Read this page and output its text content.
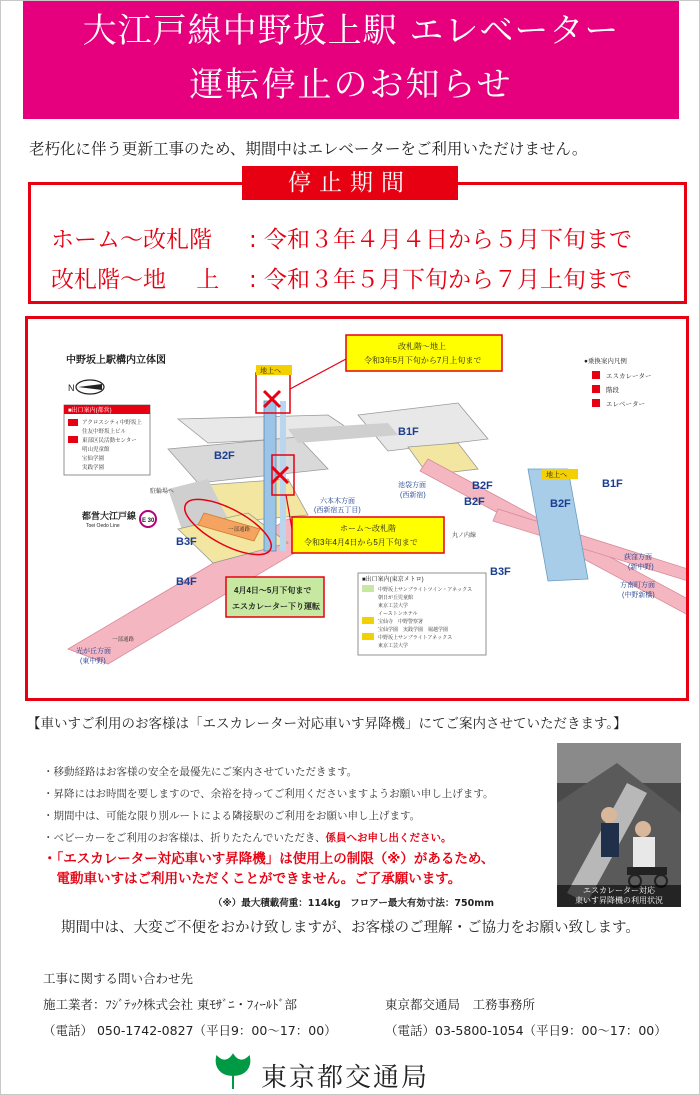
大江戸線中野坂上駅 エレベーター
運転停止のお知らせ
老朽化に伴う更新工事のため、期間中はエレベーターをご利用いただけません。
停止期間
ホーム～改札階 : 令和３年４月４日から５月下旬まで
改札階～地　 上 : 令和３年５月下旬から７月上旬まで
中野坂上駅構内立体図
N
■出口案内(都営)
アクロスシティ中野坂上
住友中野坂上ビル
東部区民活動センター
明山児童館
宝仙学園
実践学園
B1F
B1F
B2F
B2F
B2F	B2F
B3F
B3F
B4F
地上へ
地上へ
駐輪場へ
一部通路
一部通路
都営大江戸線
Toei Oedo Line
E 30
六本木方面
(西新宿五丁目)
光が丘方面
(東中野)
荻窪方面
(新中野)
方南町方面
(中野新橋)
池袋方面
(西新宿)
丸ノ内線
●乗換案内凡例
エスカレーター
階段
エレベーター
■出口案内(東京メトロ)
中野坂上サンブライトツイン・アネックス
朝日が丘児童館
東京工芸大学
イーストンホテル
宝仙寺　中野警察署
宝仙学園　実践学園　堀越学園
中野坂上サンブライトアネックス
東京工芸大学
改札階～地上
令和3年5月下旬から7月上旬まで
ホーム～改札階
令和3年4月4日から5月下旬まで
4月4日～5月下旬まで
エスカレーター下り運転
【車いすご利用のお客様は「エスカレーター対応車いす昇降機」にてご案内させていただきます。】
・移動経路はお客様の安全を最優先にご案内させていただきます。
・昇降にはお時間を要しますので、余裕を持ってご利用くださいますようお願い申し上げます。
・期間中は、可能な限り別ルートによる隣接駅のご利用をお願い申し上げます。
・ベビーカーをご利用のお客様は、折りたたんでいただき、係員へお申し出ください。
・「エスカレーター対応車いす昇降機」は使用上の制限（※）があるため、
　電動車いすはご利用いただくことができません。ご了承願います。
（※）最大積載荷重：114kg　フロアー最大有効寸法：750mm
エスカレーター対応
東いす昇降機の利用状況
期間中は、大変ご不便をおかけ致しますが、お客様のご理解・ご協力をお願い致します。
工事に関する問い合わせ先
施工業者：ﾌｼﾞﾃｯｸ株式会社 東ﾓｻﾞﾆ・ﾌｨｰﾙﾄﾞ部
（電話） 050-1742-0827（平日9：00～17：00）
東京都交通局　工務事務所
（電話）03-5800-1054（平日9：00～17：00）
東京都交通局
